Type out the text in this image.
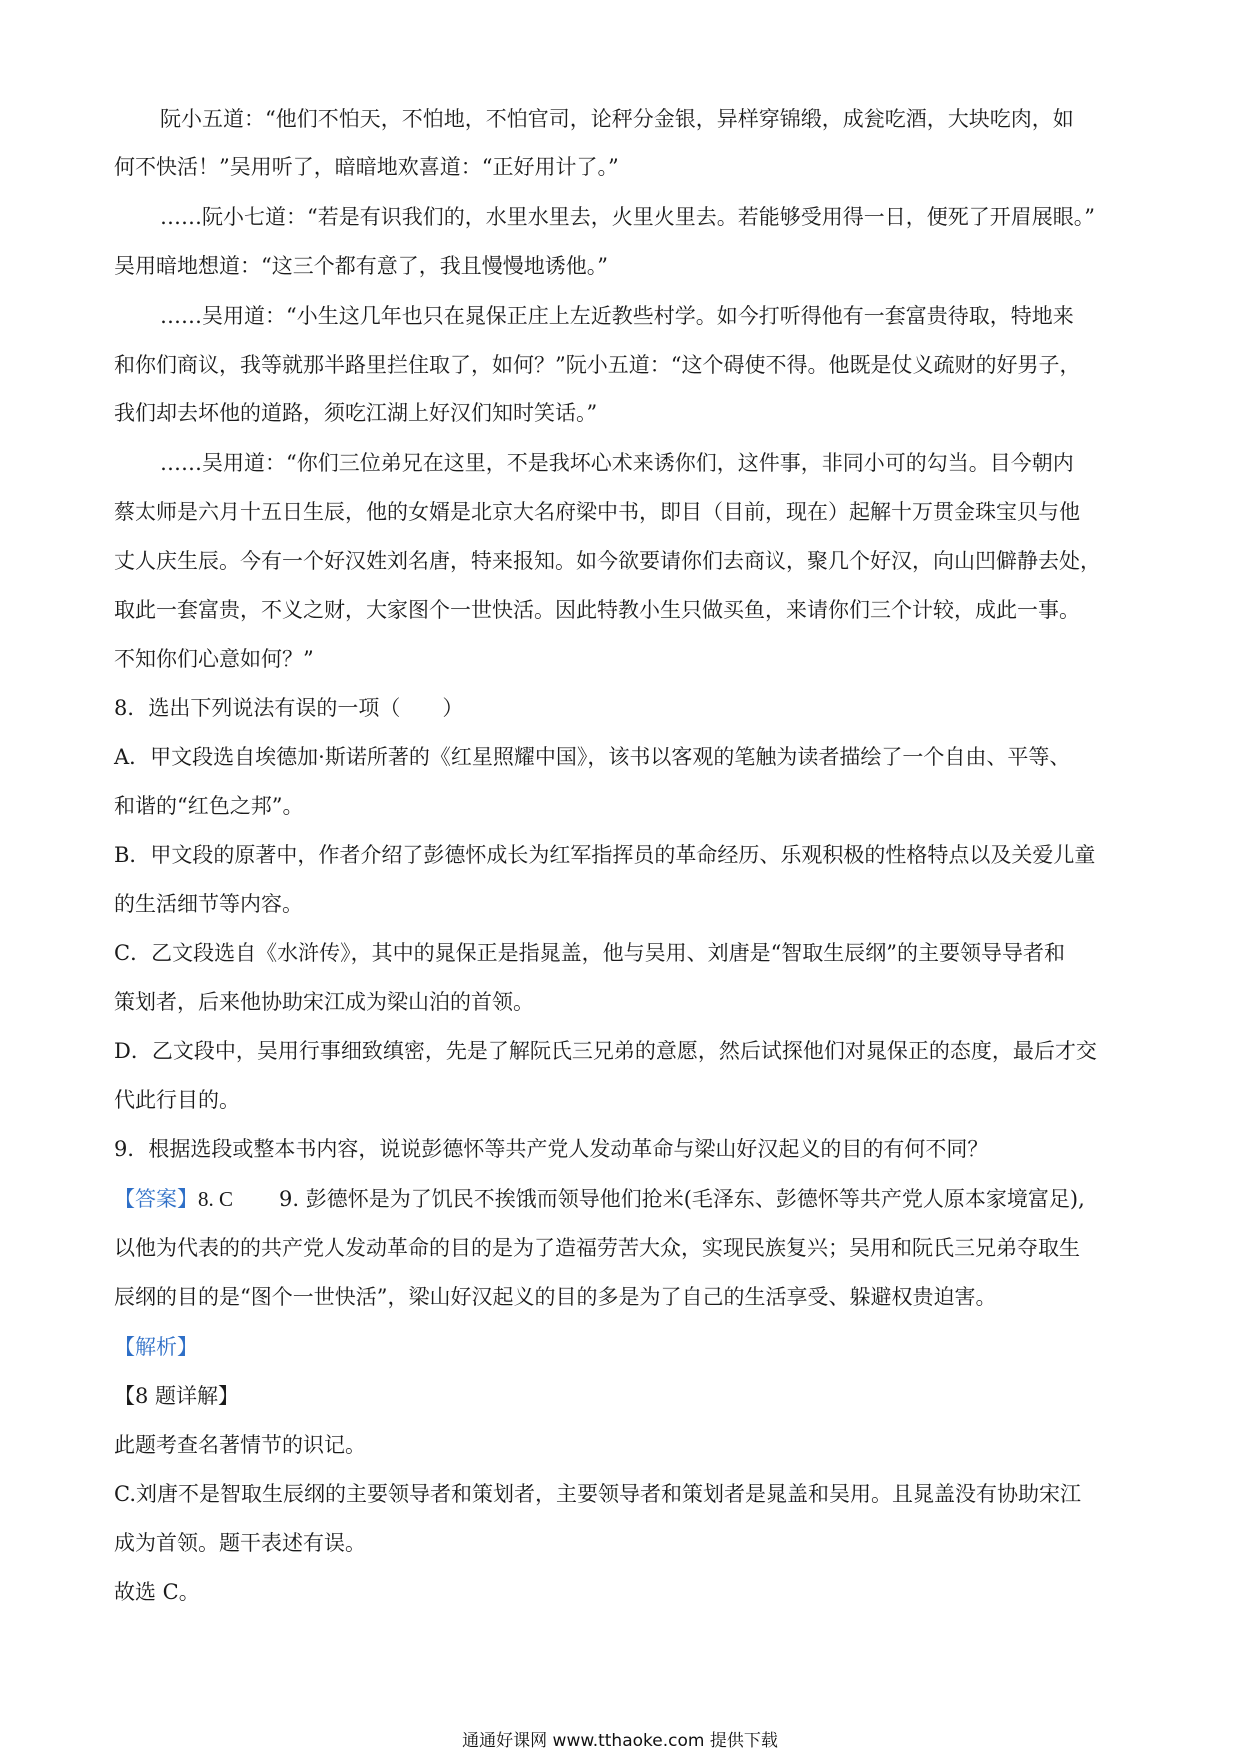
阮小五道：“他们不怕天，不怕地，不怕官司，论秤分金银，异样穿锦缎，成瓮吃酒，大块吃肉，如
何不快活！”吴用听了，暗暗地欢喜道：“正好用计了。”
……阮小七道：“若是有识我们的，水里水里去，火里火里去。若能够受用得一日，便死了开眉展眼。”
吴用暗地想道：“这三个都有意了，我且慢慢地诱他。”
……吴用道：“小生这几年也只在晁保正庄上左近教些村学。如今打听得他有一套富贵待取，特地来
和你们商议，我等就那半路里拦住取了，如何？”阮小五道：“这个碍使不得。他既是仗义疏财的好男子，
我们却去坏他的道路，须吃江湖上好汉们知时笑话。”
……吴用道：“你们三位弟兄在这里，不是我坏心术来诱你们，这件事，非同小可的勾当。目今朝内
蔡太师是六月十五日生辰，他的女婿是北京大名府梁中书，即目（目前，现在）起解十万贯金珠宝贝与他
丈人庆生辰。今有一个好汉姓刘名唐，特来报知。如今欲要请你们去商议，聚几个好汉，向山凹僻静去处，
取此一套富贵，不义之财，大家图个一世快活。因此特教小生只做买鱼，来请你们三个计较，成此一事。
不知你们心意如何？”
8．选出下列说法有误的一项（　　）
A．甲文段选自埃德加·斯诺所著的《红星照耀中国》，该书以客观的笔触为读者描绘了一个自由、平等、
和谐的“红色之邦”。
B．甲文段的原著中，作者介绍了彭德怀成长为红军指挥员的革命经历、乐观积极的性格特点以及关爱儿童
的生活细节等内容。
C．乙文段选自《水浒传》，其中的晁保正是指晁盖，他与吴用、刘唐是“智取生辰纲”的主要领导导者和
策划者，后来他协助宋江成为梁山泊的首领。
D．乙文段中，吴用行事细致缜密，先是了解阮氏三兄弟的意愿，然后试探他们对晁保正的态度，最后才交
代此行目的。
9．根据选段或整本书内容，说说彭德怀等共产党人发动革命与梁山好汉起义的目的有何不同？
【答案】8. C 9. 彭德怀是为了饥民不挨饿而领导他们抢米(毛泽东、彭德怀等共产党人原本家境富足),
以他为代表的的共产党人发动革命的目的是为了造福劳苦大众，实现民族复兴；吴用和阮氏三兄弟夺取生
辰纲的目的是“图个一世快活”，梁山好汉起义的目的多是为了自己的生活享受、躲避权贵迫害。
【解析】
【8 题详解】
此题考查名著情节的识记。
C.刘唐不是智取生辰纲的主要领导者和策划者，主要领导者和策划者是晁盖和吴用。且晁盖没有协助宋江
成为首领。题干表述有误。
故选 C。
通通好课网 www.tthaoke.com 提供下载
